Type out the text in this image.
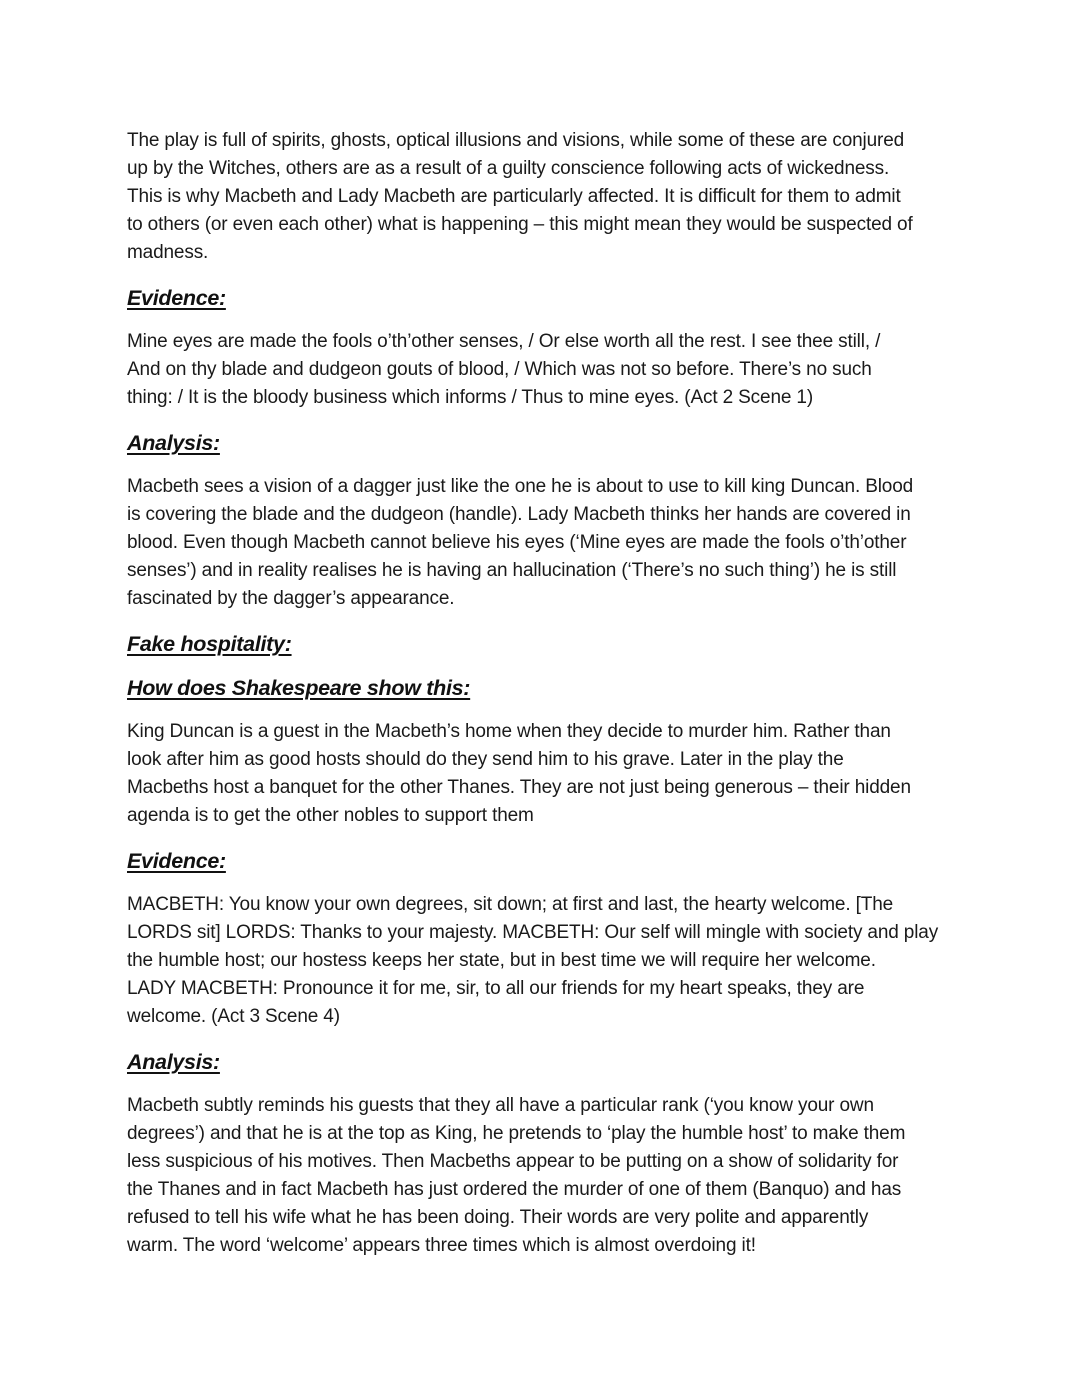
The play is full of spirits, ghosts, optical illusions and visions, while some of these are conjured
up by the Witches, others are as a result of a guilty conscience following acts of wickedness.
This is why Macbeth and Lady Macbeth are particularly affected. It is difficult for them to admit
to others (or even each other) what is happening – this might mean they would be suspected of
madness.

Evidence:

Mine eyes are made the fools o’th’other senses, / Or else worth all the rest. I see thee still, /
And on thy blade and dudgeon gouts of blood, / Which was not so before. There’s no such
thing: / It is the bloody business which informs / Thus to mine eyes. (Act 2 Scene 1)

Analysis:

Macbeth sees a vision of a dagger just like the one he is about to use to kill king Duncan. Blood
is covering the blade and the dudgeon (handle). Lady Macbeth thinks her hands are covered in
blood. Even though Macbeth cannot believe his eyes (‘Mine eyes are made the fools o’th’other
senses’) and in reality realises he is having an hallucination (‘There’s no such thing’) he is still
fascinated by the dagger’s appearance.

Fake hospitality:
How does Shakespeare show this:

King Duncan is a guest in the Macbeth’s home when they decide to murder him. Rather than
look after him as good hosts should do they send him to his grave. Later in the play the
Macbeths host a banquet for the other Thanes. They are not just being generous – their hidden
agenda is to get the other nobles to support them

Evidence:

MACBETH: You know your own degrees, sit down; at first and last, the hearty welcome. [The
LORDS sit] LORDS: Thanks to your majesty. MACBETH: Our self will mingle with society and play
the humble host; our hostess keeps her state, but in best time we will require her welcome.
LADY MACBETH: Pronounce it for me, sir, to all our friends for my heart speaks, they are
welcome. (Act 3 Scene 4)

Analysis:

Macbeth subtly reminds his guests that they all have a particular rank (‘you know your own
degrees’) and that he is at the top as King, he pretends to ‘play the humble host’ to make them
less suspicious of his motives. Then Macbeths appear to be putting on a show of solidarity for
the Thanes and in fact Macbeth has just ordered the murder of one of them (Banquo) and has
refused to tell his wife what he has been doing. Their words are very polite and apparently
warm. The word ‘welcome’ appears three times which is almost overdoing it!
